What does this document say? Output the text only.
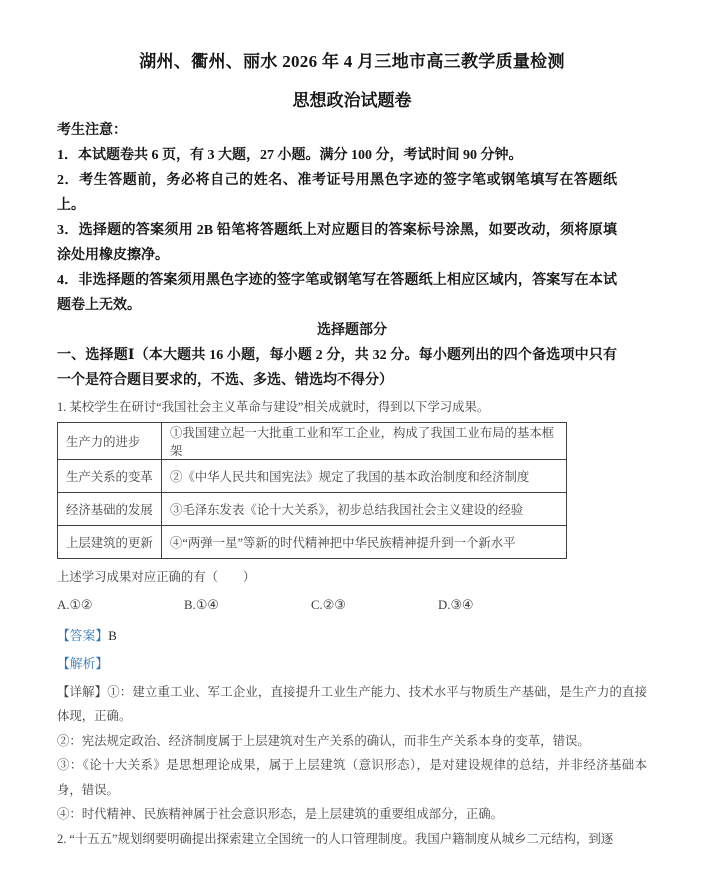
湖州、衢州、丽水 2026 年 4 月三地市高三教学质量检测
思想政治试题卷

考生注意：

1．本试题卷共 6 页，有 3 大题，27 小题。满分 100 分，考试时间 90 分钟。

2．考生答题前，务必将自己的姓名、准考证号用黑色字迹的签字笔或钢笔填写在答题纸上。

3．选择题的答案须用 2B 铅笔将答题纸上对应题目的答案标号涂黑，如要改动，须将原填涂处用橡皮擦净。

4．非选择题的答案须用黑色字迹的签字笔或钢笔写在答题纸上相应区域内，答案写在本试题卷上无效。

选择题部分

一、选择题Ⅰ（本大题共 16 小题，每小题 2 分，共 32 分。每小题列出的四个备选项中只有一个是符合题目要求的，不选、多选、错选均不得分）

1. 某校学生在研讨“我国社会主义革命与建设”相关成就时，得到以下学习成果。

生产力的进步	①我国建立起一大批重工业和军工企业，构成了我国工业布局的基本框架
生产关系的变革	②《中华人民共和国宪法》规定了我国的基本政治制度和经济制度
经济基础的发展	③毛泽东发表《论十大关系》，初步总结我国社会主义建设的经验
上层建筑的更新	④“两弹一星”等新的时代精神把中华民族精神提升到一个新水平

上述学习成果对应正确的有（　　）

A.①②	B.①④	C.②③	D.③④

【答案】B

【解析】

【详解】①：建立重工业、军工企业，直接提升工业生产能力、技术水平与物质生产基础，是生产力的直接体现，正确。

②：宪法规定政治、经济制度属于上层建筑对生产关系的确认，而非生产关系本身的变革，错误。

③：《论十大关系》是思想理论成果，属于上层建筑（意识形态），是对建设规律的总结，并非经济基础本身，错误。

④：时代精神、民族精神属于社会意识形态，是上层建筑的重要组成部分，正确。

2. “十五五”规划纲要明确提出探索建立全国统一的人口管理制度。我国户籍制度从城乡二元结构，到逐
